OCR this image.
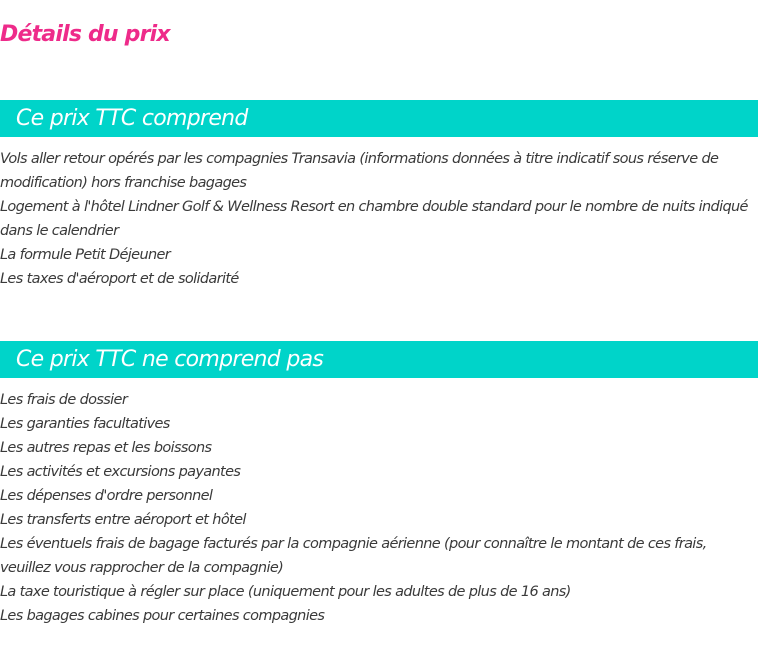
Détails du prix
Ce prix TTC comprend
Vols aller retour opérés par les compagnies Transavia (informations données à titre indicatif sous réserve de modification) hors franchise bagages
Logement à l'hôtel Lindner Golf & Wellness Resort en chambre double standard pour le nombre de nuits indiqué dans le calendrier
La formule Petit Déjeuner
Les taxes d'aéroport et de solidarité
Ce prix TTC ne comprend pas
Les frais de dossier
Les garanties facultatives
Les autres repas et les boissons
Les activités et excursions payantes
Les dépenses d'ordre personnel
Les transferts entre aéroport et hôtel
Les éventuels frais de bagage facturés par la compagnie aérienne (pour connaître le montant de ces frais, veuillez vous rapprocher de la compagnie)
La taxe touristique à régler sur place (uniquement pour les adultes de plus de 16 ans)
Les bagages cabines pour certaines compagnies
